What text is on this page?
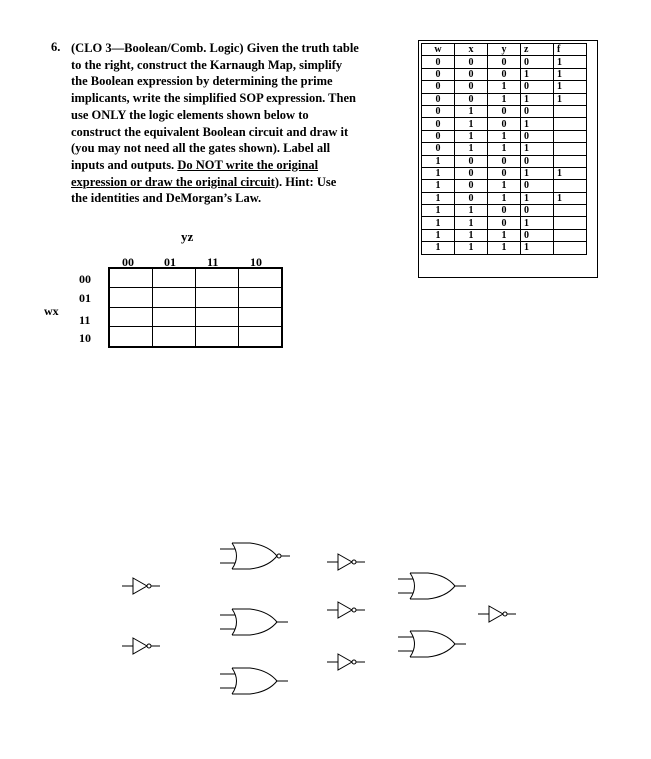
6. (CLO 3—Boolean/Comb. Logic) Given the truth table
to the right, construct the Karnaugh Map, simplify
the Boolean expression by determining the prime
implicants, write the simplified SOP expression. Then
use ONLY the logic elements shown below to
construct the equivalent Boolean circuit and draw it
(you may not need all the gates shown). Label all
inputs and outputs. Do NOT write the original
expression or draw the original circuit). Hint: Use
the identities and DeMorgan’s Law.
w	x	y	z	f
0	0	0	0	1
0	0	0	1	1
0	0	1	0	1
0	0	1	1	1
0	1	0	0	
0	1	0	1	
0	1	1	0	
0	1	1	1	
1	0	0	0	
1	0	0	1	1
1	0	1	0	
1	0	1	1	1
1	1	0	0	
1	1	0	1	
1	1	1	0	
1	1	1	1	
yz
00	01	11	10
00
01
11
10
wx
